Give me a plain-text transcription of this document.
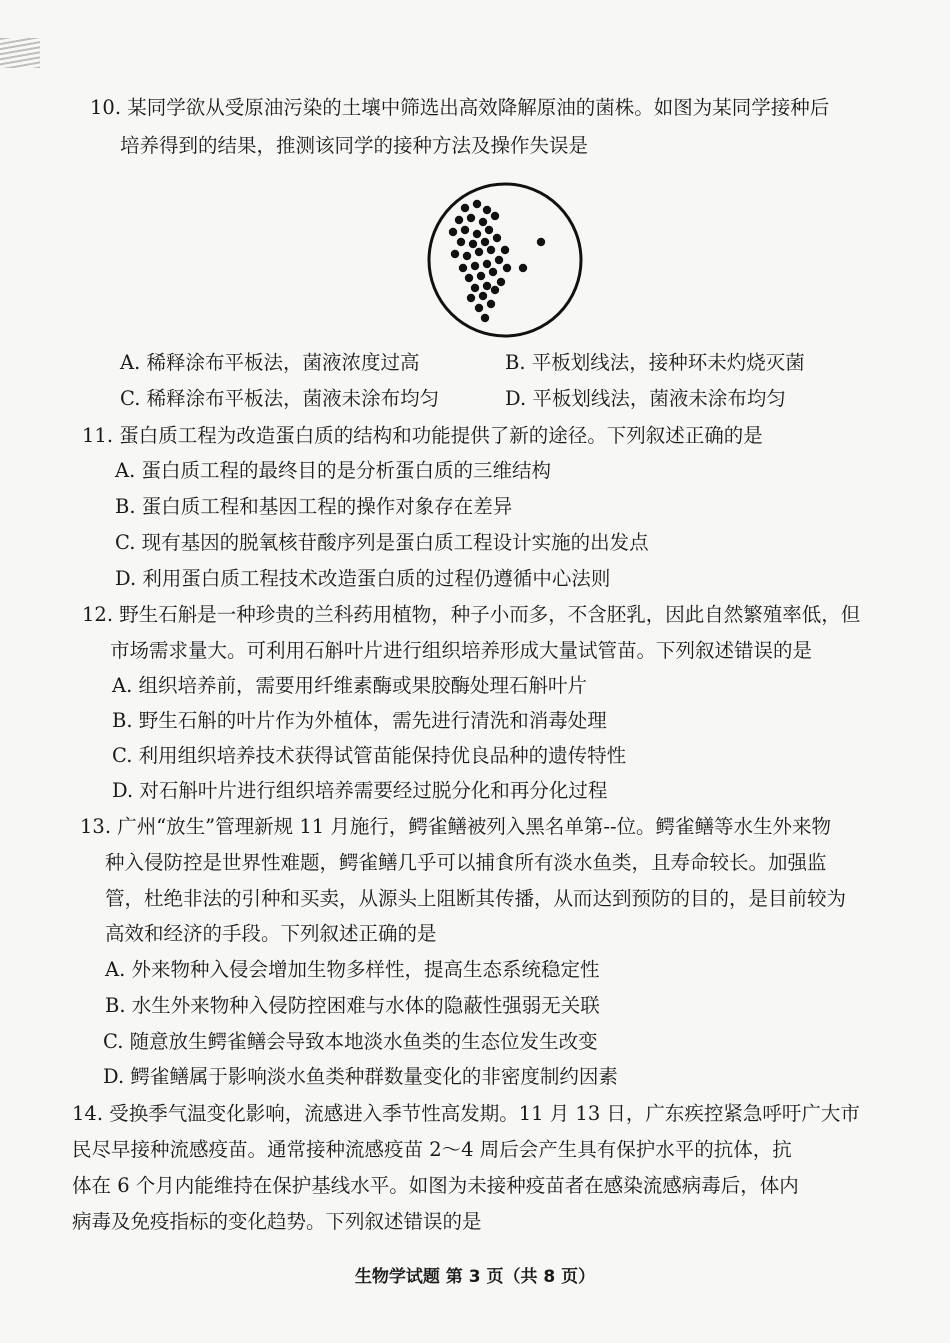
10. 某同学欲从受原油污染的土壤中筛选出高效降解原油的菌株。如图为某同学接种后
培养得到的结果，推测该同学的接种方法及操作失误是
A. 稀释涂布平板法，菌液浓度过高	B. 平板划线法，接种环未灼烧灭菌
C. 稀释涂布平板法，菌液未涂布均匀	D. 平板划线法，菌液未涂布均匀
11. 蛋白质工程为改造蛋白质的结构和功能提供了新的途径。下列叙述正确的是
A. 蛋白质工程的最终目的是分析蛋白质的三维结构
B. 蛋白质工程和基因工程的操作对象存在差异
C. 现有基因的脱氧核苷酸序列是蛋白质工程设计实施的出发点
D. 利用蛋白质工程技术改造蛋白质的过程仍遵循中心法则
12. 野生石斛是一种珍贵的兰科药用植物，种子小而多，不含胚乳，因此自然繁殖率低，但
市场需求量大。可利用石斛叶片进行组织培养形成大量试管苗。下列叙述错误的是
A. 组织培养前，需要用纤维素酶或果胶酶处理石斛叶片
B. 野生石斛的叶片作为外植体，需先进行清洗和消毒处理
C. 利用组织培养技术获得试管苗能保持优良品种的遗传特性
D. 对石斛叶片进行组织培养需要经过脱分化和再分化过程
13. 广州“放生”管理新规 11 月施行，鳄雀鳝被列入黑名单第--位。鳄雀鳝等水生外来物
种入侵防控是世界性难题，鳄雀鳝几乎可以捕食所有淡水鱼类，且寿命较长。加强监
管，杜绝非法的引种和买卖，从源头上阻断其传播，从而达到预防的目的，是目前较为
高效和经济的手段。下列叙述正确的是
A. 外来物种入侵会增加生物多样性，提高生态系统稳定性
B. 水生外来物种入侵防控困难与水体的隐蔽性强弱无关联
C. 随意放生鳄雀鳝会导致本地淡水鱼类的生态位发生改变
D. 鳄雀鳝属于影响淡水鱼类种群数量变化的非密度制约因素
14. 受换季气温变化影响，流感进入季节性高发期。11 月 13 日，广东疾控紧急呼吁广大市
民尽早接种流感疫苗。通常接种流感疫苗 2～4 周后会产生具有保护水平的抗体，抗
体在 6 个月内能维持在保护基线水平。如图为未接种疫苗者在感染流感病毒后，体内
病毒及免疫指标的变化趋势。下列叙述错误的是
生物学试题 第 3 页（共 8 页）
